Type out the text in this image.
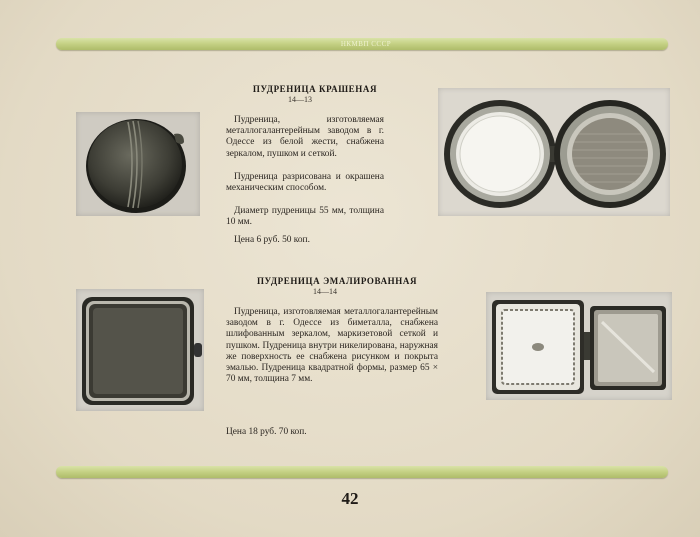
НКМВП СССР
ПУДРЕНИЦА КРАШЕНАЯ
14—13
Пудреница, изготовляемая металлогалантерейным заводом в г. Одессе из белой жести, снабжена зеркалом, пушком и сеткой.
Пудреница разрисована и окрашена механическим способом.
Диаметр пудреницы 55 мм, толщина 10 мм.
Цена 6 руб. 50 коп.
ПУДРЕНИЦА ЭМАЛИРОВАННАЯ
14—14
Пудреница, изготовляемая металлогалантерейным заводом в г. Одессе из биметалла, снабжена шлифованным зеркалом, маркизетовой сеткой и пушком. Пудреница внутри никелирована, наружная же поверхность ее снабжена рисунком и покрыта эмалью. Пудреница квадратной формы, размер 65 × 70 мм, толщина 7 мм.
Цена 18 руб. 70 коп.
42
